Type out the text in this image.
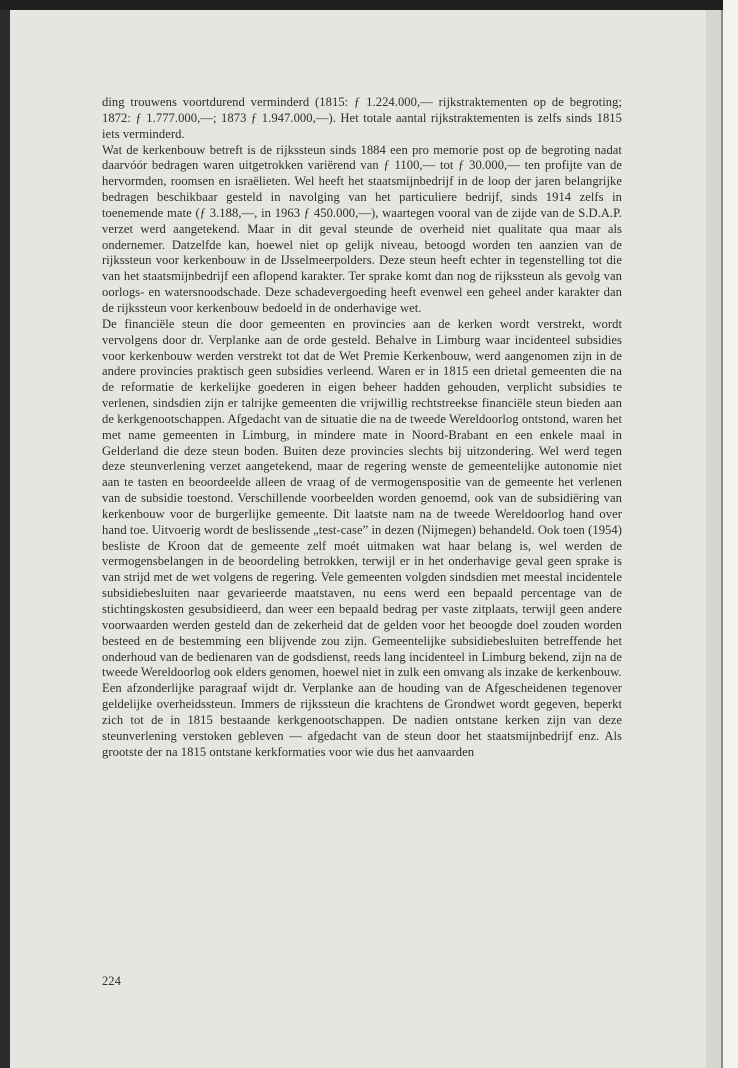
ding trouwens voortdurend verminderd (1815: ƒ 1.224.000,— rijkstraktementen op de begroting; 1872: ƒ 1.777.000,—; 1873 ƒ 1.947.000,—). Het totale aantal rijkstraktementen is zelfs sinds 1815 iets verminderd.

Wat de kerkenbouw betreft is de rijkssteun sinds 1884 een pro memorie post op de begroting nadat daarvóór bedragen waren uitgetrokken variërend van ƒ 1100,— tot ƒ 30.000,— ten profijte van de hervormden, roomsen en israëlieten. Wel heeft het staatsmijnbedrijf in de loop der jaren belangrijke bedragen beschikbaar gesteld in navolging van het particuliere bedrijf, sinds 1914 zelfs in toenemende mate (ƒ 3.188,—, in 1963 ƒ 450.000,—), waartegen vooral van de zijde van de S.D.A.P. verzet werd aangetekend. Maar in dit geval steunde de overheid niet qualitate qua maar als ondernemer. Datzelfde kan, hoewel niet op gelijk niveau, betoogd worden ten aanzien van de rijkssteun voor kerkenbouw in de IJsselmeerpolders. Deze steun heeft echter in tegenstelling tot die van het staatsmijnbedrijf een aflopend karakter. Ter sprake komt dan nog de rijkssteun als gevolg van oorlogs- en watersnoodschade. Deze schadevergoeding heeft evenwel een geheel ander karakter dan de rijkssteun voor kerkenbouw bedoeld in de onderhavige wet.

De financiële steun die door gemeenten en provincies aan de kerken wordt verstrekt, wordt vervolgens door dr. Verplanke aan de orde gesteld. Behalve in Limburg waar incidenteel subsidies voor kerkenbouw werden verstrekt tot dat de Wet Premie Kerkenbouw, werd aangenomen zijn in de andere provincies praktisch geen subsidies verleend. Waren er in 1815 een drietal gemeenten die na de reformatie de kerkelijke goederen in eigen beheer hadden gehouden, verplicht subsidies te verlenen, sindsdien zijn er talrijke gemeenten die vrijwillig rechtstreekse financiële steun bieden aan de kerkgenootschappen. Afgedacht van de situatie die na de tweede Wereldoorlog ontstond, waren het met name gemeenten in Limburg, in mindere mate in Noord-Brabant en een enkele maal in Gelderland die deze steun boden. Buiten deze provincies slechts bij uitzondering. Wel werd tegen deze steunverlening verzet aangetekend, maar de regering wenste de gemeentelijke autonomie niet aan te tasten en beoordeelde alleen de vraag of de vermogenspositie van de gemeente het verlenen van de subsidie toestond. Verschillende voorbeelden worden genoemd, ook van de subsidiëring van kerkenbouw voor de burgerlijke gemeente. Dit laatste nam na de tweede Wereldoorlog hand over hand toe. Uitvoerig wordt de beslissende „test-case” in dezen (Nijmegen) behandeld. Ook toen (1954) besliste de Kroon dat de gemeente zelf moét uitmaken wat haar belang is, wel werden de vermogensbelangen in de beoordeling betrokken, terwijl er in het onderhavige geval geen sprake is van strijd met de wet volgens de regering. Vele gemeenten volgden sindsdien met meestal incidentele subsidiebesluiten naar gevarieerde maatstaven, nu eens werd een bepaald percentage van de stichtingskosten gesubsidieerd, dan weer een bepaald bedrag per vaste zitplaats, terwijl geen andere voorwaarden werden gesteld dan de zekerheid dat de gelden voor het beoogde doel zouden worden besteed en de bestemming een blijvende zou zijn. Gemeentelijke subsidiebesluiten betreffende het onderhoud van de bedienaren van de godsdienst, reeds lang incidenteel in Limburg bekend, zijn na de tweede Wereldoorlog ook elders genomen, hoewel niet in zulk een omvang als inzake de kerkenbouw.

Een afzonderlijke paragraaf wijdt dr. Verplanke aan de houding van de Afgescheidenen tegenover geldelijke overheidssteun. Immers de rijkssteun die krachtens de Grondwet wordt gegeven, beperkt zich tot de in 1815 bestaande kerkgenootschappen. De nadien ontstane kerken zijn van deze steunverlening verstoken gebleven — afgedacht van de steun door het staatsmijnbedrijf enz. Als grootste der na 1815 ontstane kerkformaties voor wie dus het aanvaarden

224
